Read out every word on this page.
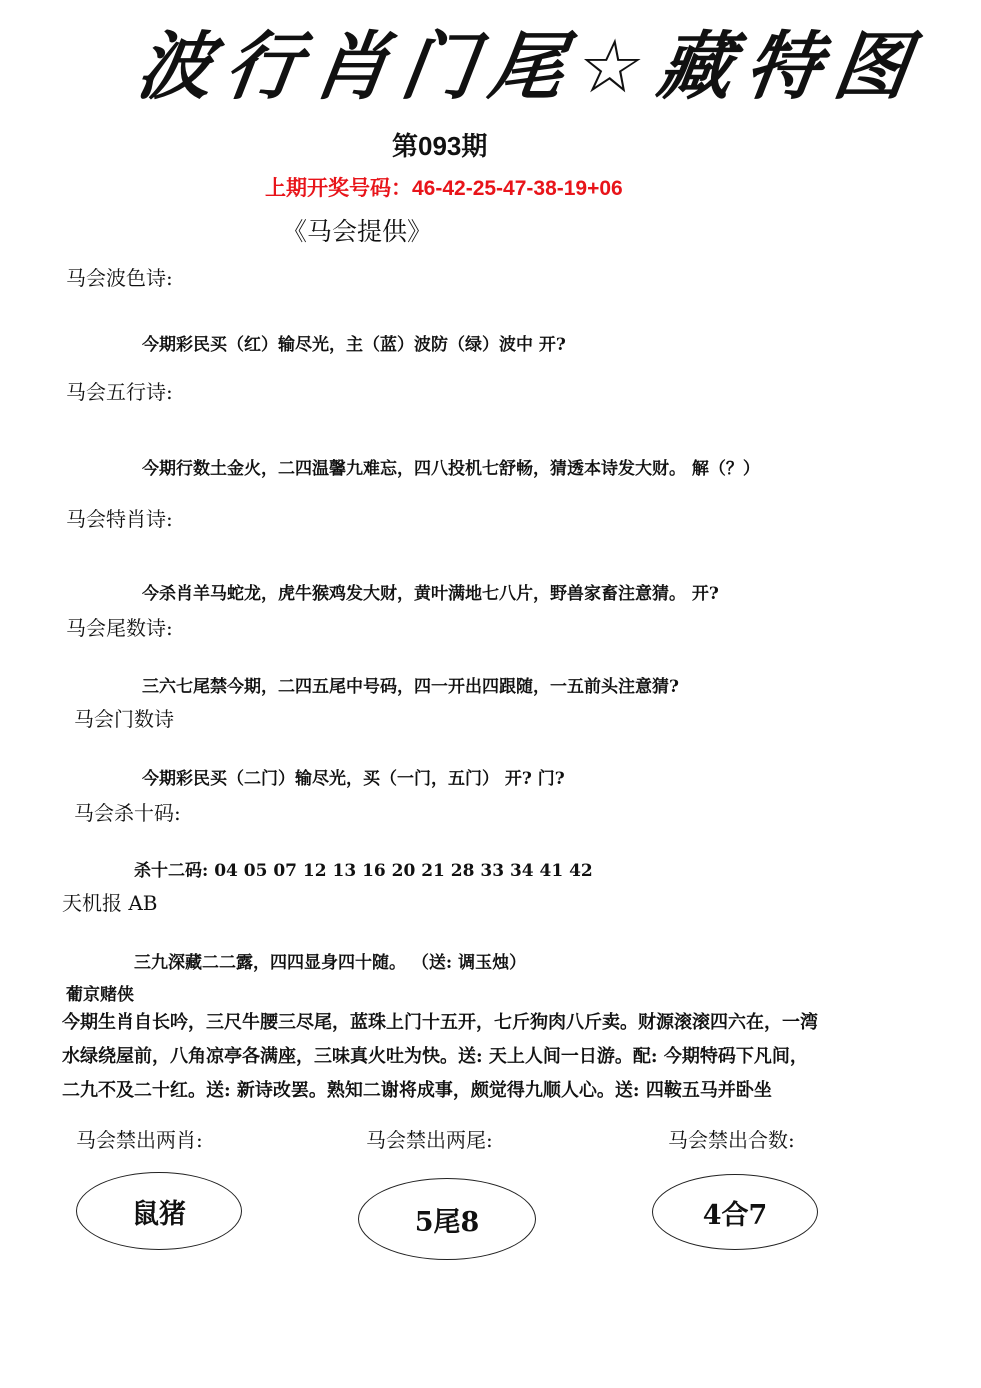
波行肖门尾☆藏特图
第093期
上期开奖号码：46-42-25-47-38-19+06
《马会提供》
马会波色诗:
今期彩民买（红）输尽光，主（蓝）波防（绿）波中 开?
马会五行诗:
今期行数土金火，二四温馨九难忘，四八投机七舒畅，猜透本诗发大财。 解（？）
马会特肖诗:
今杀肖羊马蛇龙，虎牛猴鸡发大财，黄叶满地七八片，野兽家畜注意猜。 开?
马会尾数诗:
三六七尾禁今期，二四五尾中号码，四一开出四跟随，一五前头注意猜?
马会门数诗
今期彩民买（二门）输尽光，买（一门，五门） 开? 门?
马会杀十码:
杀十二码: 04 05 07 12 13 16 20 21 28 33 34 41 42
天机报 AB
三九深藏二二露，四四显身四十随。 （送: 调玉烛）
葡京赌侠
今期生肖自长吟，三尺牛腰三尽尾，蓝珠上门十五开，七斤狗肉八斤卖。财源滚滚四六在，一湾
水绿绕屋前，八角凉亭各满座，三味真火吐为快。送: 天上人间一日游。配: 今期特码下凡间，
二九不及二十红。送: 新诗改罢。熟知二谢将成事，颇觉得九顺人心。送: 四鞍五马并卧坐
马会禁出两肖:	马会禁出两尾:	马会禁出合数:
鼠猪	5尾8	4合7
